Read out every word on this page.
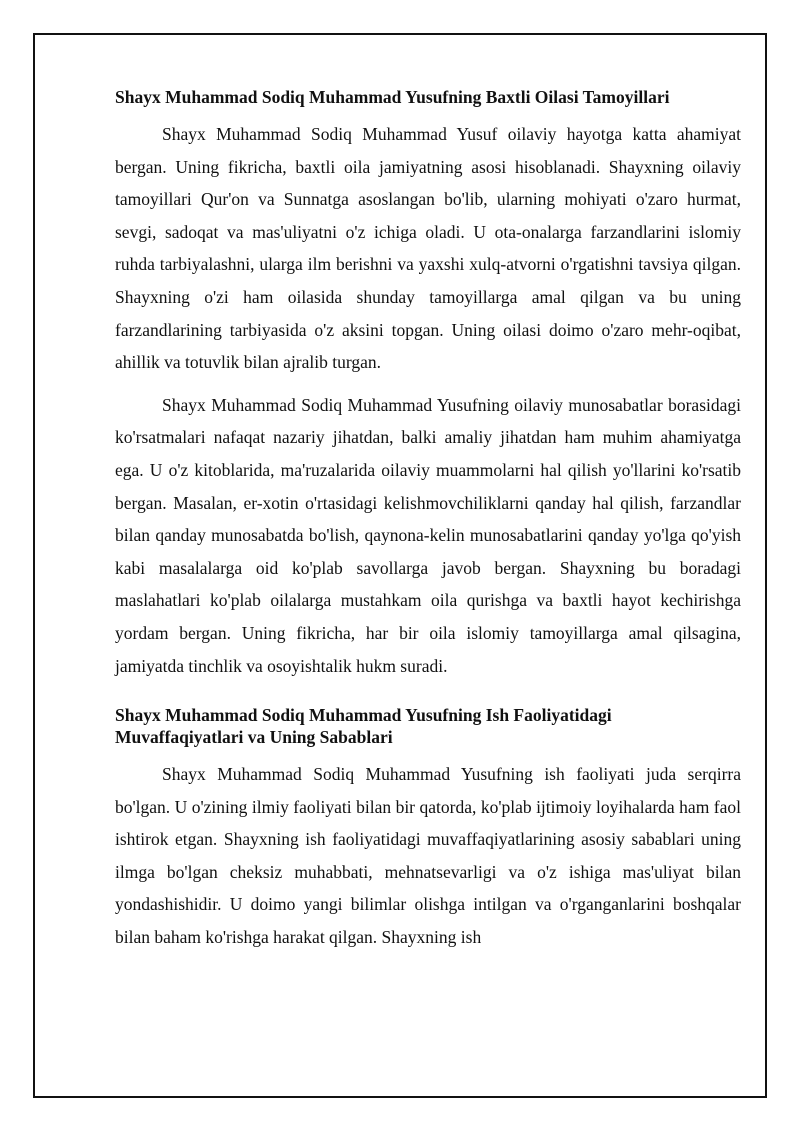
Shayx Muhammad Sodiq Muhammad Yusufning Baxtli Oilasi Tamoyillari

Shayx Muhammad Sodiq Muhammad Yusuf oilaviy hayotga katta ahamiyat bergan. Uning fikricha, baxtli oila jamiyatning asosi hisoblanadi. Shayxning oilaviy tamoyillari Qur'on va Sunnatga asoslangan bo'lib, ularning mohiyati o'zaro hurmat, sevgi, sadoqat va mas'uliyatni o'z ichiga oladi. U ota-onalarga farzandlarini islomiy ruhda tarbiyalashni, ularga ilm berishni va yaxshi xulq-atvorni o'rgatishni tavsiya qilgan. Shayxning o'zi ham oilasida shunday tamoyillarga amal qilgan va bu uning farzandlarining tarbiyasida o'z aksini topgan. Uning oilasi doimo o'zaro mehr-oqibat, ahillik va totuvlik bilan ajralib turgan.

Shayx Muhammad Sodiq Muhammad Yusufning oilaviy munosabatlar borasidagi ko'rsatmalari nafaqat nazariy jihatdan, balki amaliy jihatdan ham muhim ahamiyatga ega. U o'z kitoblarida, ma'ruzalarida oilaviy muammolarni hal qilish yo'llarini ko'rsatib bergan. Masalan, er-xotin o'rtasidagi kelishmovchiliklarni qanday hal qilish, farzandlar bilan qanday munosabatda bo'lish, qaynona-kelin munosabatlarini qanday yo'lga qo'yish kabi masalalarga oid ko'plab savollarga javob bergan. Shayxning bu boradagi maslahatlari ko'plab oilalarga mustahkam oila qurishga va baxtli hayot kechirishga yordam bergan. Uning fikricha, har bir oila islomiy tamoyillarga amal qilsagina, jamiyatda tinchlik va osoyishtalik hukm suradi.

Shayx Muhammad Sodiq Muhammad Yusufning Ish Faoliyatidagi Muvaffaqiyatlari va Uning Sabablari

Shayx Muhammad Sodiq Muhammad Yusufning ish faoliyati juda serqirra bo'lgan. U o'zining ilmiy faoliyati bilan bir qatorda, ko'plab ijtimoiy loyihalarda ham faol ishtirok etgan. Shayxning ish faoliyatidagi muvaffaqiyatlarining asosiy sabablari uning ilmga bo'lgan cheksiz muhabbati, mehnatsevarligi va o'z ishiga mas'uliyat bilan yondashishidir. U doimo yangi bilimlar olishga intilgan va o'rganganlarini boshqalar bilan baham ko'rishga harakat qilgan. Shayxning ish
